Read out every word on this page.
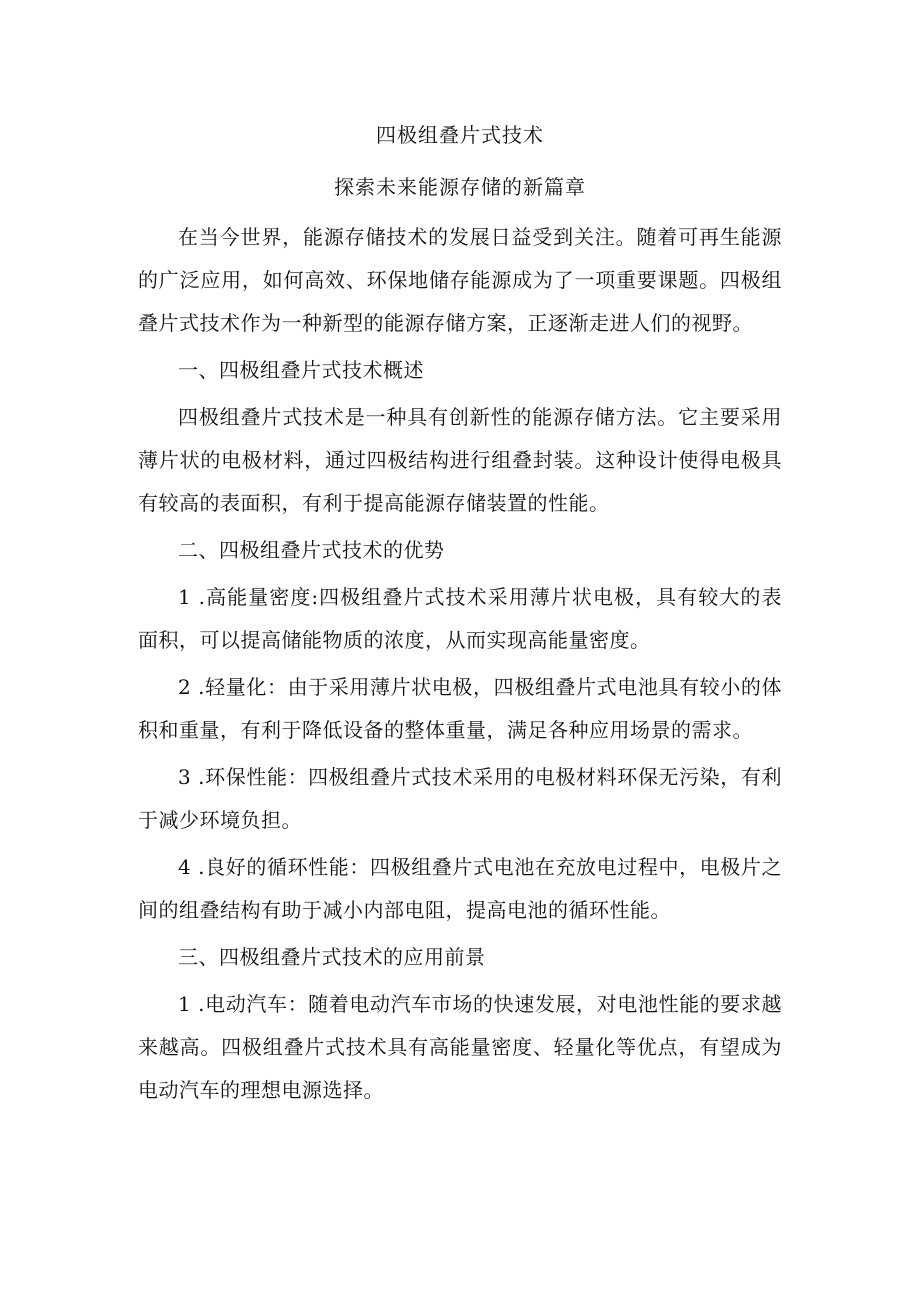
四极组叠片式技术
探索未来能源存储的新篇章

在当今世界，能源存储技术的发展日益受到关注。随着可再生能源的广泛应用，如何高效、环保地储存能源成为了一项重要课题。四极组叠片式技术作为一种新型的能源存储方案，正逐渐走进人们的视野。

一、四极组叠片式技术概述

四极组叠片式技术是一种具有创新性的能源存储方法。它主要采用薄片状的电极材料，通过四极结构进行组叠封装。这种设计使得电极具有较高的表面积，有利于提高能源存储装置的性能。

二、四极组叠片式技术的优势

1 .高能量密度:四极组叠片式技术采用薄片状电极，具有较大的表面积，可以提高储能物质的浓度，从而实现高能量密度。

2 .轻量化：由于采用薄片状电极，四极组叠片式电池具有较小的体积和重量，有利于降低设备的整体重量，满足各种应用场景的需求。

3 .环保性能：四极组叠片式技术采用的电极材料环保无污染，有利于减少环境负担。

4 .良好的循环性能：四极组叠片式电池在充放电过程中，电极片之间的组叠结构有助于减小内部电阻，提高电池的循环性能。

三、四极组叠片式技术的应用前景

1 .电动汽车：随着电动汽车市场的快速发展，对电池性能的要求越来越高。四极组叠片式技术具有高能量密度、轻量化等优点，有望成为电动汽车的理想电源选择。
